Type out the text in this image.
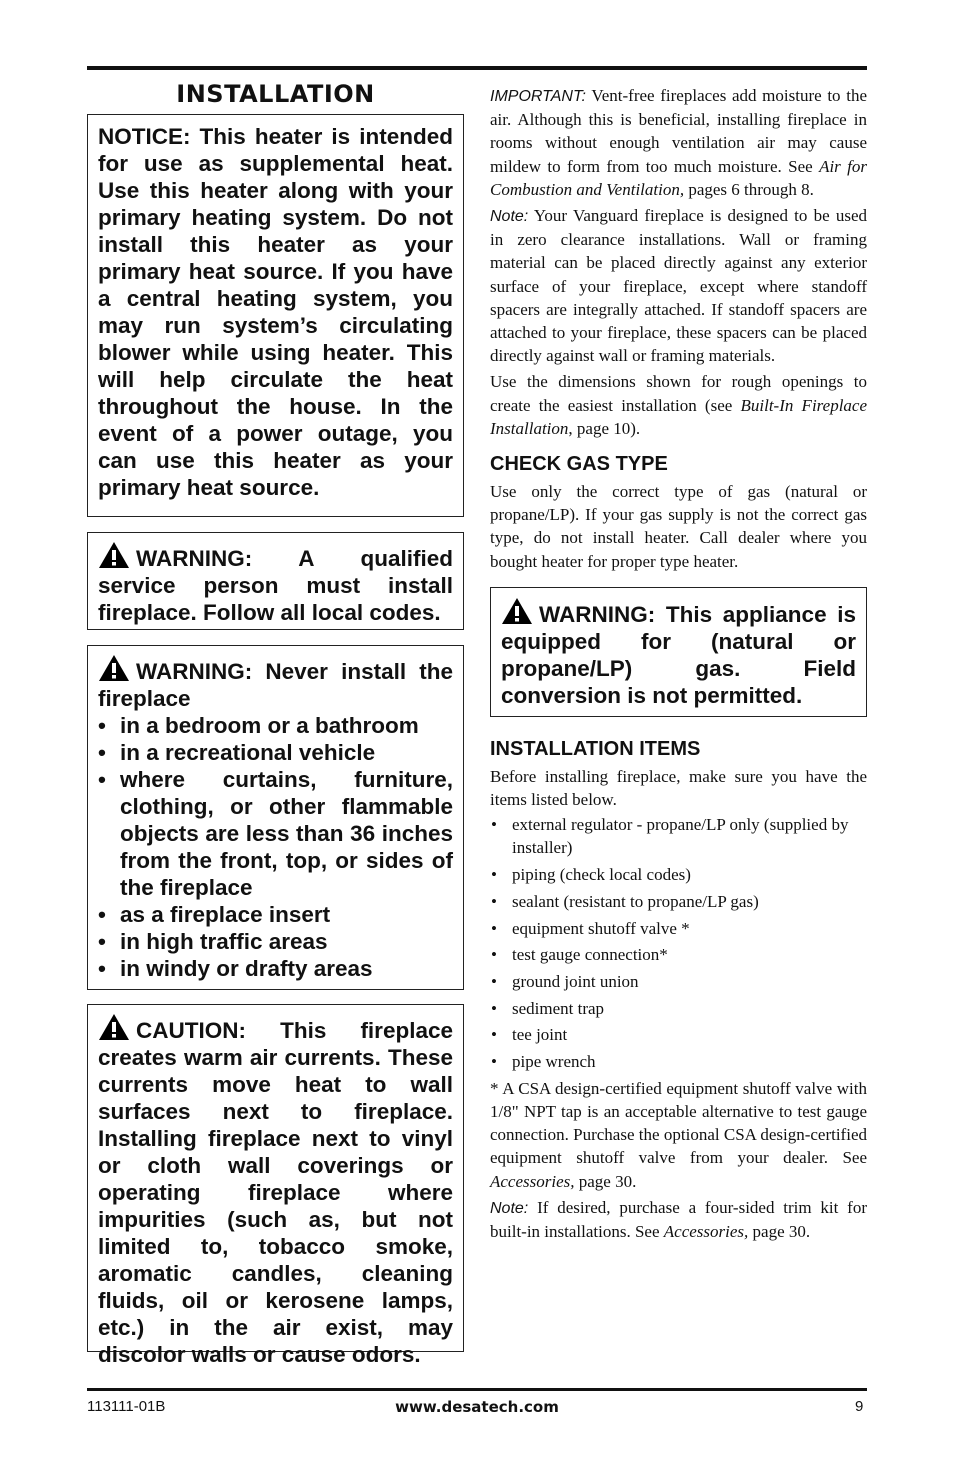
INSTALLATION

NOTICE: This heater is intended for use as supplemental heat. Use this heater along with your primary heating system. Do not install this heater as your primary heat source. If you have a central heating system, you may run system’s circulating blower while using heater. This will help circulate the heat throughout the house. In the event of a power outage, you can use this heater as your primary heat source.

WARNING: A qualified service person must install fireplace. Follow all local codes.
WARNING: Never install the fireplace
• in a bedroom or a bathroom
• in a recreational vehicle
• where curtains, furniture, clothing, or other flammable objects are less than 36 inches from the front, top, or sides of the fireplace
• as a fireplace insert
• in high traffic areas
• in windy or drafty areas
CAUTION: This fireplace creates warm air currents. These currents move heat to wall surfaces next to fireplace. Installing fireplace next to vinyl or cloth wall coverings or operating fireplace where impurities (such as, but not limited to, tobacco smoke, aromatic candles, cleaning fluids, oil or kerosene lamps, etc.) in the air exist, may discolor walls or cause odors.

IMPORTANT: Vent-free fireplaces add moisture to the air. Although this is beneficial, installing fireplace in rooms without enough ventilation air may cause mildew to form from too much moisture. See Air for Combustion and Ventilation, pages 6 through 8.

Note: Your Vanguard fireplace is designed to be used in zero clearance installations. Wall or framing material can be placed directly against any exterior surface of your fireplace, except where standoff spacers are integrally attached. If standoff spacers are attached to your fireplace, these spacers can be placed directly against wall or framing materials.

Use the dimensions shown for rough openings to create the easiest installation (see Built-In Fireplace Installation, page 10).

CHECK GAS TYPE

Use only the correct type of gas (natural or propane/LP). If your gas supply is not the correct gas type, do not install heater. Call dealer where you bought heater for proper type heater.

WARNING: This appliance is equipped for (natural or propane/LP) gas. Field conversion is not permitted.
INSTALLATION ITEMS

Before installing fireplace, make sure you have the items listed below.

• external regulator - propane/LP only (supplied by installer)
• piping (check local codes)
• sealant (resistant to propane/LP gas)
• equipment shutoff valve *
• test gauge connection*
• ground joint union
• sediment trap
• tee joint
• pipe wrench

* A CSA design-certified equipment shutoff valve with 1/8" NPT tap is an acceptable alternative to test gauge connection. Purchase the optional CSA design-certified equipment shutoff valve from your dealer. See Accessories, page 30.

Note: If desired, purchase a four-sided trim kit for built-in installations. See Accessories, page 30.

113111-01B	www.desatech.com	9
